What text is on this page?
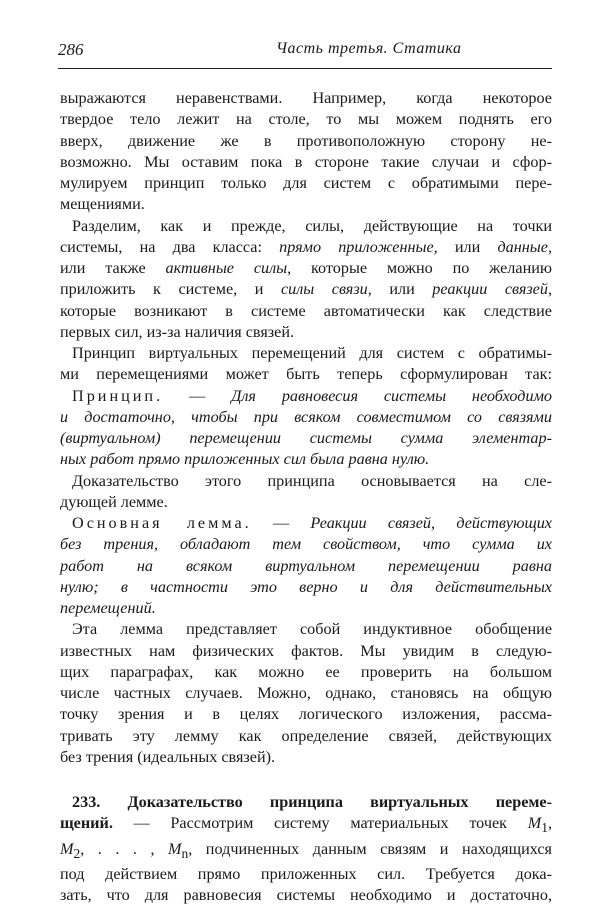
286	Часть третья. Статика
выражаются неравенствами. Например, когда некоторое
твердое тело лежит на столе, то мы можем поднять его
вверх, движение же в противоположную сторону не-
возможно. Мы оставим пока в стороне такие случаи и сфор-
мулируем принцип только для систем с обратимыми пере-
мещениями.
Разделим, как и прежде, силы, действующие на точки
системы, на два класса: прямо приложенные, или данные,
или также активные силы, которые можно по желанию
приложить к системе, и силы связи, или реакции связей,
которые возникают в системе автоматически как следствие
первых сил, из-за наличия связей.
Принцип виртуальных перемещений для систем с обратимы-
ми перемещениями может быть теперь сформулирован так:
Принцип. — Для равновесия системы необходимо
и достаточно, чтобы при всяком совместимом со связями
(виртуальном) перемещении системы сумма элементар-
ных работ прямо приложенных сил была равна нулю.
Доказательство этого принципа основывается на сле-
дующей лемме.
Основная лемма. — Реакции связей, действующих
без трения, обладают тем свойством, что сумма их
работ на всяком виртуальном перемещении равна
нулю; в частности это верно и для действительных
перемещений.
Эта лемма представляет собой индуктивное обобщение
известных нам физических фактов. Мы увидим в следую-
щих параграфах, как можно ее проверить на большом
числе частных случаев. Можно, однако, становясь на общую
точку зрения и в целях логического изложения, рассма-
тривать эту лемму как определение связей, действующих
без трения (идеальных связей).
233. Доказательство принципа виртуальных переме-
щений. — Рассмотрим систему материальных точек $M_1$,
$M_2$, . . . , $M_n$, подчиненных данным связям и находящихся
под действием прямо приложенных сил. Требуется дока-
зать, что для равновесия системы необходимо и достаточно,
